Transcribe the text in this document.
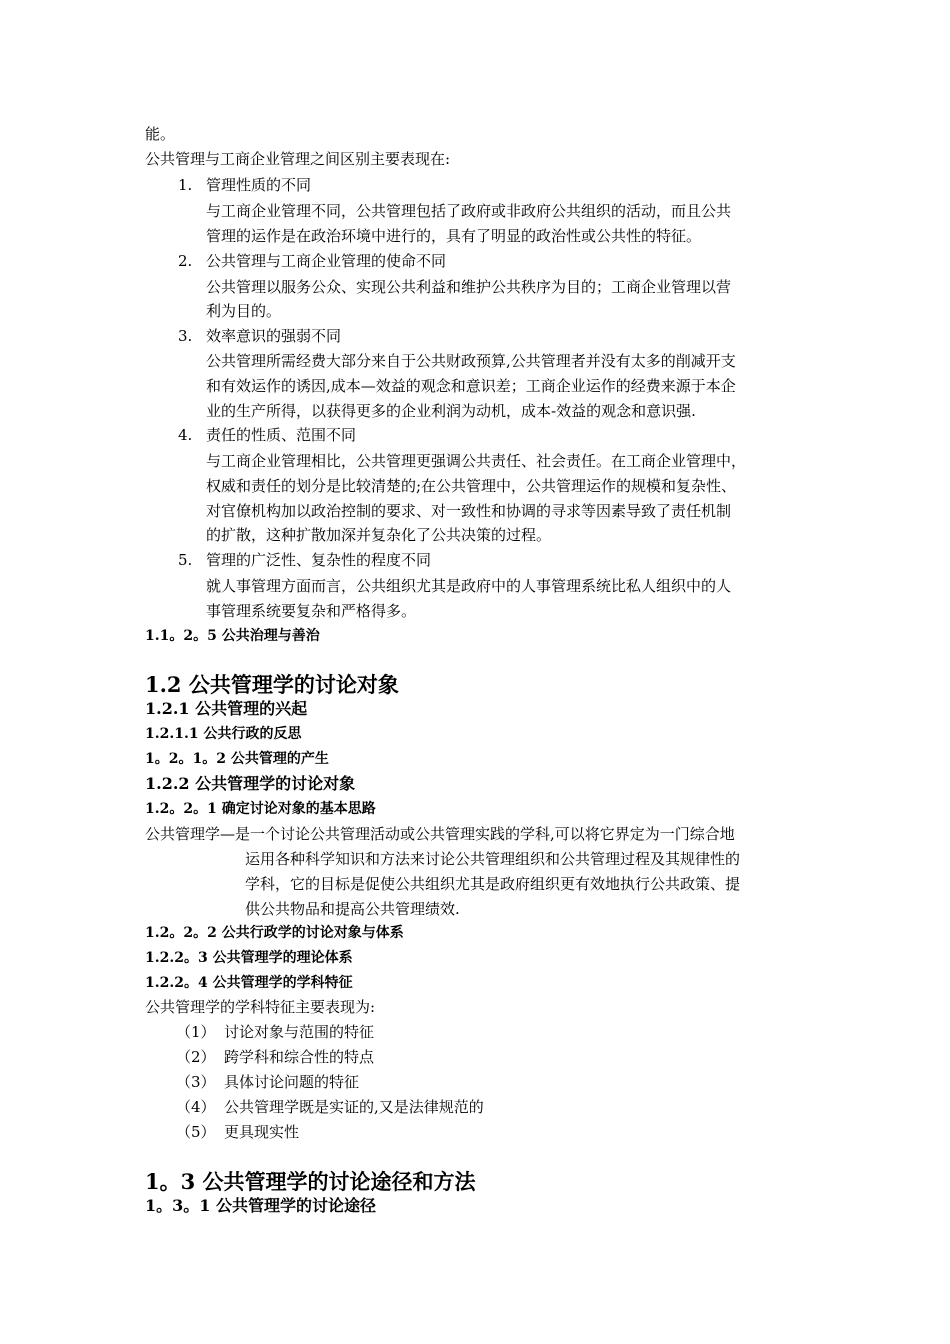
能。
公共管理与工商企业管理之间区别主要表现在:
1. 管理性质的不同
与工商企业管理不同，公共管理包括了政府或非政府公共组织的活动，而且公共
管理的运作是在政治环境中进行的，具有了明显的政治性或公共性的特征。
2. 公共管理与工商企业管理的使命不同
公共管理以服务公众、实现公共利益和维护公共秩序为目的；工商企业管理以营
利为目的。
3. 效率意识的强弱不同
公共管理所需经费大部分来自于公共财政预算,公共管理者并没有太多的削减开支
和有效运作的诱因,成本—效益的观念和意识差；工商企业运作的经费来源于本企
业的生产所得，以获得更多的企业利润为动机，成本-效益的观念和意识强.
4. 责任的性质、范围不同
与工商企业管理相比，公共管理更强调公共责任、社会责任。在工商企业管理中，
权威和责任的划分是比较清楚的;在公共管理中，公共管理运作的规模和复杂性、
对官僚机构加以政治控制的要求、对一致性和协调的寻求等因素导致了责任机制
的扩散，这种扩散加深并复杂化了公共决策的过程。
5. 管理的广泛性、复杂性的程度不同
就人事管理方面而言，公共组织尤其是政府中的人事管理系统比私人组织中的人
事管理系统要复杂和严格得多。
1.1。2。5 公共治理与善治
1.2 公共管理学的讨论对象
1.2.1 公共管理的兴起
1.2.1.1 公共行政的反思
1。2。1。2 公共管理的产生
1.2.2 公共管理学的讨论对象
1.2。2。1 确定讨论对象的基本思路
公共管理学—是一个讨论公共管理活动或公共管理实践的学科,可以将它界定为一门综合地
运用各种科学知识和方法来讨论公共管理组织和公共管理过程及其规律性的
学科，它的目标是促使公共组织尤其是政府组织更有效地执行公共政策、提
供公共物品和提高公共管理绩效.
1.2。2。2 公共行政学的讨论对象与体系
1.2.2。3 公共管理学的理论体系
1.2.2。4 公共管理学的学科特征
公共管理学的学科特征主要表现为:
（1） 讨论对象与范围的特征
（2） 跨学科和综合性的特点
（3） 具体讨论问题的特征
（4） 公共管理学既是实证的,又是法律规范的
（5） 更具现实性
1。3 公共管理学的讨论途径和方法
1。3。1 公共管理学的讨论途径
